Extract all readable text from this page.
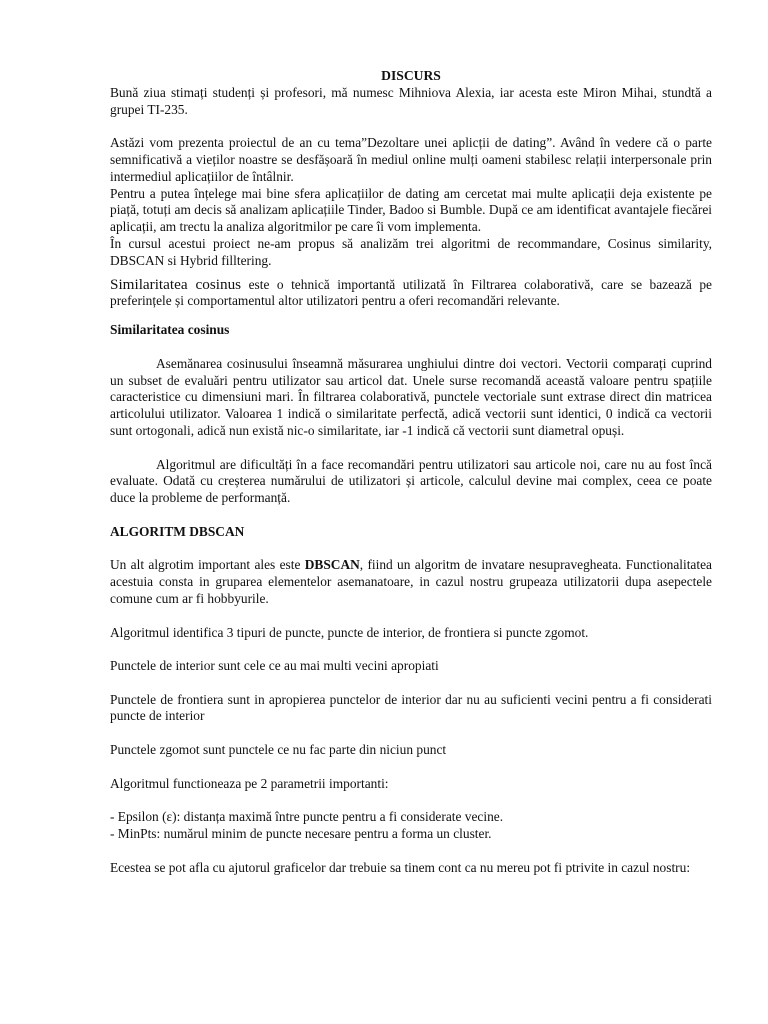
DISCURS

Bună ziua stimați studenți și profesori, mă numesc Mihniova Alexia, iar acesta este Miron Mihai, stundtă a grupei TI-235.

Astăzi vom prezenta proiectul de an cu tema”Dezoltare unei aplicții de dating”. Având în vedere că o parte semnificativă a vieților noastre se desfășoară în mediul online mulți oameni stabilesc relații interpersonale prin intermediul aplicațiilor de întâlnir.

Pentru a putea înțelege mai bine sfera aplicațiilor de dating am cercetat mai multe aplicații deja existente pe piață, totuți am decis să analizam aplicațiile Tinder, Badoo si Bumble. După ce am identificat avantajele fiecărei aplicații, am trectu la analiza algoritmilor pe care îi vom implementa.

În cursul acestui proiect ne-am propus să analizăm trei algoritmi de recommandare, Cosinus similarity, DBSCAN si Hybrid filltering.

Similaritatea cosinus este o tehnică importantă utilizată în Filtrarea colaborativă, care se bazează pe preferințele și comportamentul altor utilizatori pentru a oferi recomandări relevante.

Similaritatea cosinus

Asemănarea cosinusului înseamnă măsurarea unghiului dintre doi vectori. Vectorii comparați cuprind un subset de evaluări pentru utilizator sau articol dat. Unele surse recomandă această valoare pentru spațiile caracteristice cu dimensiuni mari. În filtrarea colaborativă, punctele vectoriale sunt extrase direct din matricea articolului utilizator. Valoarea 1 indică o similaritate perfectă, adică vectorii sunt identici, 0 indică ca vectorii sunt ortogonali, adică nun există nic-o similaritate, iar -1 indică că vectorii sunt diametral opuși.

Algoritmul are dificultăți în a face recomandări pentru utilizatori sau articole noi, care nu au fost încă evaluate. Odată cu creșterea numărului de utilizatori și articole, calculul devine mai complex, ceea ce poate duce la probleme de performanță.

ALGORITM DBSCAN

Un alt algrotim important ales este DBSCAN, fiind un algoritm de invatare nesupravegheata. Functionalitatea acestuia consta in gruparea elementelor asemanatoare, in cazul nostru grupeaza utilizatorii dupa asepectele comune cum ar fi hobbyurile.

Algoritmul identifica 3 tipuri de puncte, puncte de interior, de frontiera si puncte zgomot.

Punctele de interior sunt cele ce au mai multi vecini apropiati

Punctele de frontiera sunt in apropierea punctelor de interior dar nu au suficienti vecini pentru a fi considerati puncte de interior

Punctele zgomot sunt punctele ce nu fac parte din niciun punct

Algoritmul functioneaza pe 2 parametrii importanti:

- Epsilon (ε): distanța maximă între puncte pentru a fi considerate vecine.

- MinPts: numărul minim de puncte necesare pentru a forma un cluster.

Ecestea se pot afla cu ajutorul graficelor dar trebuie sa tinem cont ca nu mereu pot fi ptrivite in cazul nostru:
